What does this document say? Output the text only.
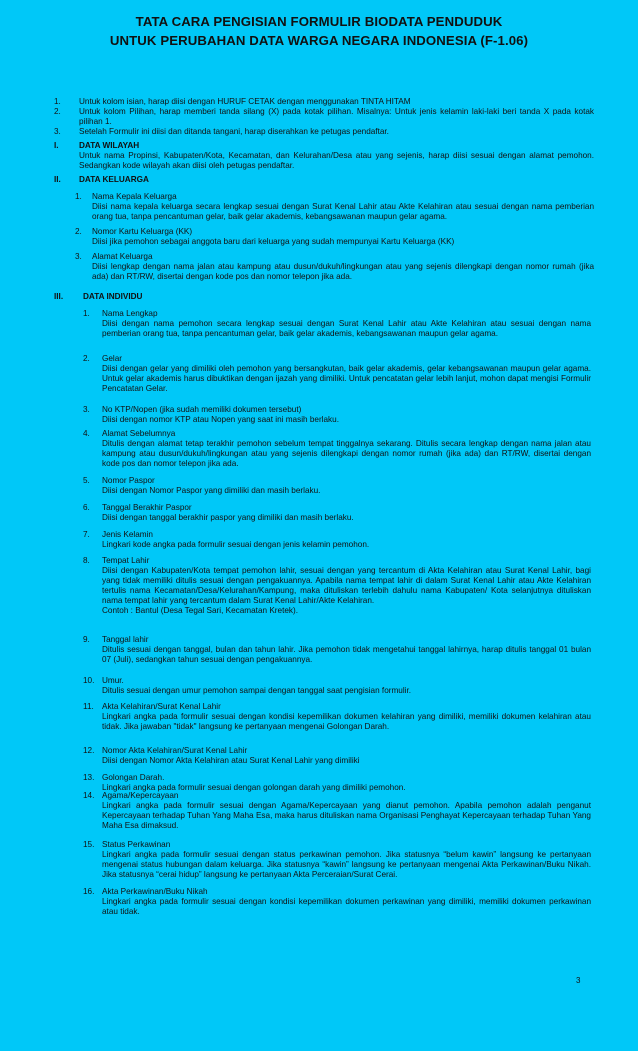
TATA CARA PENGISIAN FORMULIR BIODATA PENDUDUK
UNTUK PERUBAHAN DATA WARGA NEGARA INDONESIA (F-1.06)
1. Untuk kolom isian, harap diisi dengan HURUF CETAK dengan menggunakan TINTA HITAM
2. Untuk kolom Pilihan, harap memberi tanda silang (X) pada kotak pilihan. Misalnya: Untuk jenis kelamin laki-laki beri tanda X pada kotak pilihan 1.
3. Setelah Formulir ini diisi dan ditanda tangani, harap diserahkan ke petugas pendaftar.
I. DATA WILAYAH
Untuk nama Propinsi, Kabupaten/Kota, Kecamatan, dan Kelurahan/Desa atau yang sejenis, harap diisi sesuai dengan alamat pemohon. Sedangkan kode wilayah akan diisi oleh petugas pendaftar.
II. DATA KELUARGA
1. Nama Kepala Keluarga
Diisi nama kepala keluarga secara lengkap sesuai dengan Surat Kenal Lahir atau Akte Kelahiran atau sesuai dengan nama pemberian orang tua, tanpa pencantuman gelar, baik gelar akademis, kebangsawanan maupun gelar agama.
2. Nomor Kartu Keluarga (KK)
Diisi jika pemohon sebagai anggota baru dari keluarga yang sudah mempunyai Kartu Keluarga (KK)
3. Alamat Keluarga
Diisi lengkap dengan nama jalan atau kampung atau dusun/dukuh/lingkungan atau yang sejenis dilengkapi dengan nomor rumah (jika ada) dan RT/RW, disertai dengan kode pos dan nomor telepon jika ada.
III. DATA INDIVIDU
1. Nama Lengkap
Diisi dengan nama pemohon secara lengkap sesuai dengan Surat Kenal Lahir atau Akte Kelahiran atau sesuai dengan nama pemberian orang tua, tanpa pencantuman gelar, baik gelar akademis, kebangsawanan maupun gelar agama.
2. Gelar
Diisi dengan gelar yang dimiliki oleh pemohon yang bersangkutan, baik gelar akademis, gelar kebangsawanan maupun gelar agama. Untuk gelar akademis harus dibuktikan dengan ijazah yang dimiliki. Untuk pencatatan gelar lebih lanjut, mohon dapat mengisi Formulir Pencatatan Gelar.
3. No KTP/Nopen (jika sudah memiliki dokumen tersebut)
Diisi dengan nomor KTP atau Nopen yang saat ini masih berlaku.
4. Alamat Sebelumnya
Ditulis dengan alamat tetap terakhir pemohon sebelum tempat tinggalnya sekarang. Ditulis secara lengkap dengan nama jalan atau kampung atau dusun/dukuh/lingkungan atau yang sejenis dilengkapi dengan nomor rumah (jika ada) dan RT/RW, disertai dengan kode pos dan nomor telepon jika ada.
5. Nomor Paspor
Diisi dengan Nomor Paspor yang dimiliki dan masih berlaku.
6. Tanggal Berakhir Paspor
Diisi dengan tanggal berakhir paspor yang dimiliki dan masih berlaku.
7. Jenis Kelamin
Lingkari kode angka pada formulir sesuai dengan jenis kelamin pemohon.
8. Tempat Lahir
Diisi dengan Kabupaten/Kota tempat pemohon lahir, sesuai dengan yang tercantum di Akta Kelahiran atau Surat Kenal Lahir, bagi yang tidak memiliki ditulis sesuai dengan pengakuannya. Apabila nama tempat lahir di dalam Surat Kenal Lahir atau Akte Kelahiran tertulis nama Kecamatan/Desa/Kelurahan/Kampung, maka dituliskan terlebih dahulu nama Kabupaten/ Kota selanjutnya dituliskan nama tempat lahir yang tercantum dalam Surat Kenal Lahir/Akte Kelahiran.
Contoh : Bantul (Desa Tegal Sari, Kecamatan Kretek).
9. Tanggal lahir
Ditulis sesuai dengan tanggal, bulan dan tahun lahir. Jika pemohon tidak mengetahui tanggal lahirnya, harap ditulis tanggal 01 bulan 07 (Juli), sedangkan tahun sesuai dengan pengakuannya.
10. Umur.
Ditulis sesuai dengan umur pemohon sampai dengan tanggal saat pengisian formulir.
11. Akta Kelahiran/Surat Kenal Lahir
Lingkari angka pada formulir sesuai dengan kondisi kepemilikan dokumen kelahiran yang dimiliki, memiliki dokumen kelahiran atau tidak. Jika jawaban "tidak" langsung ke pertanyaan mengenai Golongan Darah.
12. Nomor Akta Kelahiran/Surat Kenal Lahir
Diisi dengan Nomor Akta Kelahiran atau Surat Kenal Lahir yang dimiliki
13. Golongan Darah.
Lingkari angka pada formulir sesuai dengan golongan darah yang dimiliki pemohon.
14. Agama/Kepercayaan
Lingkari angka pada formulir sesuai dengan Agama/Kepercayaan yang dianut pemohon. Apabila pemohon adalah penganut Kepercayaan terhadap Tuhan Yang Maha Esa, maka harus dituliskan nama Organisasi Penghayat Kepercayaan terhadap Tuhan Yang Maha Esa dimaksud.
15. Status Perkawinan
Lingkari angka pada formulir sesuai dengan status perkawinan pemohon. Jika statusnya “belum kawin” langsung ke pertanyaan mengenai status hubungan dalam keluarga. Jika statusnya “kawin” langsung ke pertanyaan mengenai Akta Perkawinan/Buku Nikah. Jika statusnya “cerai hidup” langsung ke pertanyaan Akta Perceraian/Surat Cerai.
16. Akta Perkawinan/Buku Nikah
Lingkari angka pada formulir sesuai dengan kondisi kepemilikan dokumen perkawinan yang dimiliki, memiliki dokumen perkawinan atau tidak.
3
